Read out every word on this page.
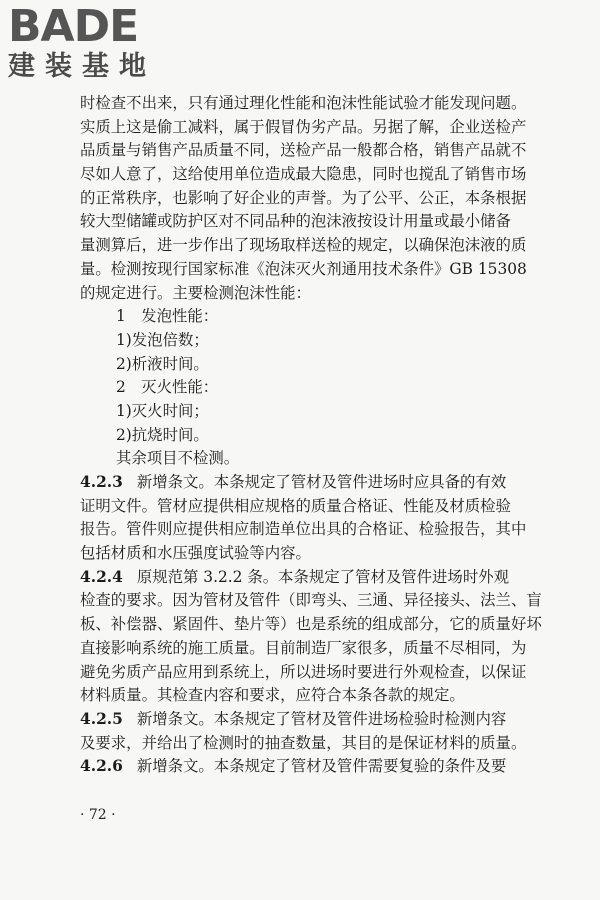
BADE
建装基地
时检查不出来，只有通过理化性能和泡沫性能试验才能发现问题。
实质上这是偷工减料，属于假冒伪劣产品。另据了解，企业送检产
品质量与销售产品质量不同，送检产品一般都合格，销售产品就不
尽如人意了，这给使用单位造成最大隐患，同时也搅乱了销售市场
的正常秩序，也影响了好企业的声誉。为了公平、公正，本条根据
较大型储罐或防护区对不同品种的泡沫液按设计用量或最小储备
量测算后，进一步作出了现场取样送检的规定，以确保泡沫液的质
量。检测按现行国家标准《泡沫灭火剂通用技术条件》GB 15308
的规定进行。主要检测泡沫性能：
1　发泡性能：
1)发泡倍数；
2)析液时间。
2　灭火性能：
1)灭火时间；
2)抗烧时间。
其余项目不检测。
4.2.3 新增条文。本条规定了管材及管件进场时应具备的有效
证明文件。管材应提供相应规格的质量合格证、性能及材质检验
报告。管件则应提供相应制造单位出具的合格证、检验报告，其中
包括材质和水压强度试验等内容。
4.2.4 原规范第 3.2.2 条。本条规定了管材及管件进场时外观
检查的要求。因为管材及管件（即弯头、三通、异径接头、法兰、盲
板、补偿器、紧固件、垫片等）也是系统的组成部分，它的质量好坏
直接影响系统的施工质量。目前制造厂家很多，质量不尽相同，为
避免劣质产品应用到系统上，所以进场时要进行外观检查，以保证
材料质量。其检查内容和要求，应符合本条各款的规定。
4.2.5 新增条文。本条规定了管材及管件进场检验时检测内容
及要求，并给出了检测时的抽查数量，其目的是保证材料的质量。
4.2.6 新增条文。本条规定了管材及管件需要复验的条件及要
· 72 ·
